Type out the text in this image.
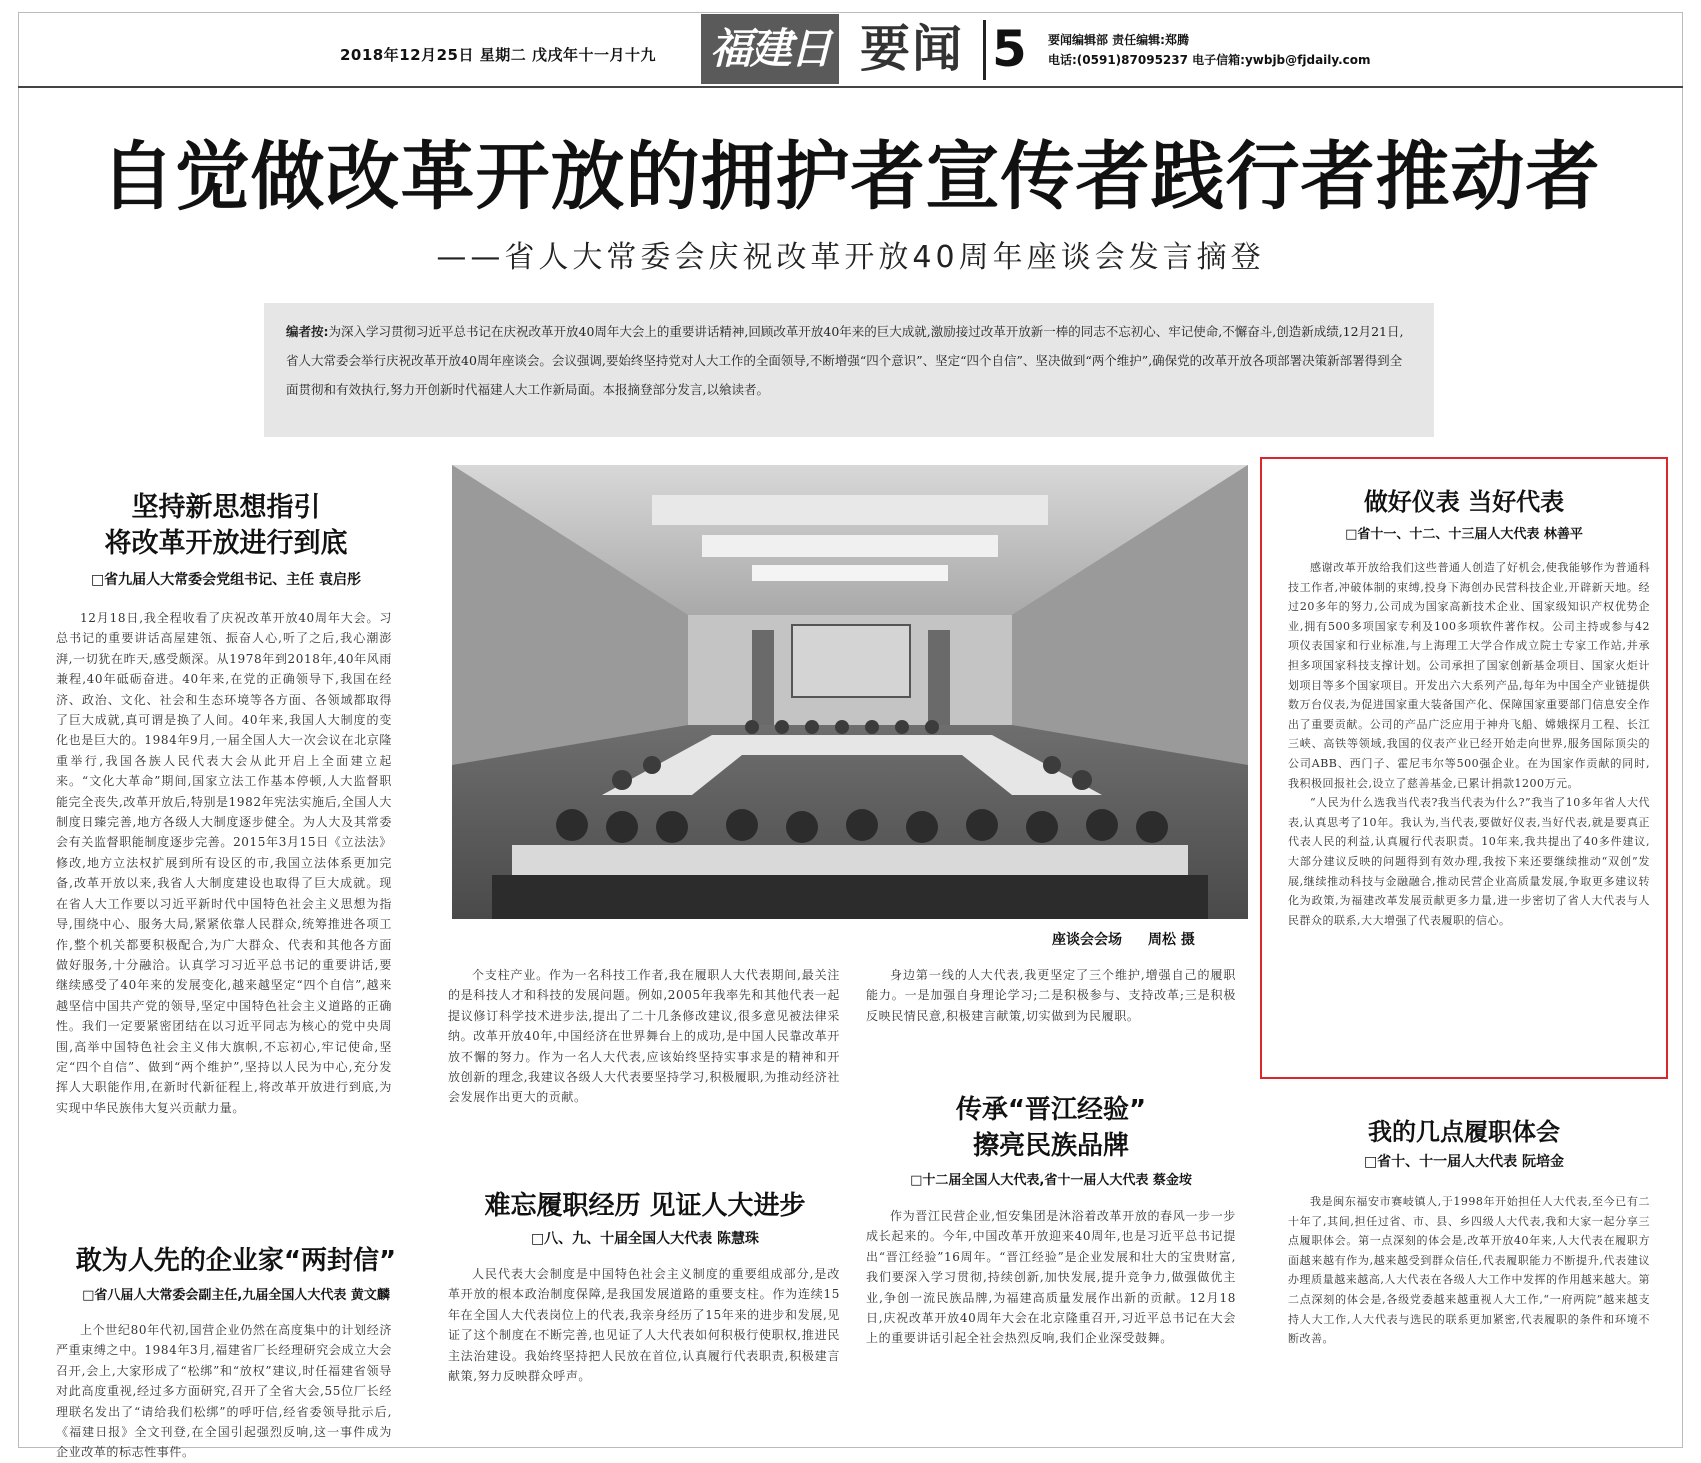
2018年12月25日 星期二 戊戌年十一月十九 福建日报
要闻 5 要闻编辑部 责任编辑:郑腾
电话:(0591)87095237 电子信箱:ywbjb@fjdaily.com
自觉做改革开放的拥护者宣传者践行者推动者
——省人大常委会庆祝改革开放40周年座谈会发言摘登
编者按:为深入学习贯彻习近平总书记在庆祝改革开放40周年大会上的重要讲话精神,回顾改革开放40年来的巨大成就,激励接过改革开放新一棒的同志不忘初心、牢记使命,不懈奋斗,创造新成绩,12月21日,省人大常委会举行庆祝改革开放40周年座谈会。会议强调,要始终坚持党对人大工作的全面领导,不断增强“四个意识”、坚定“四个自信”、坚决做到“两个维护”,确保党的改革开放各项部署决策新部署得到全面贯彻和有效执行,努力开创新时代福建人大工作新局面。本报摘登部分发言,以飨读者。
座谈会会场 周松 摄
坚持新思想指引
将改革开放进行到底
□省九届人大常委会党组书记、主任 袁启彤

12月18日,我全程收看了庆祝改革开放40周年大会。习总书记的重要讲话高屋建瓴、振奋人心,听了之后,我心潮澎湃,一切犹在昨天,感受颇深。从1978年到2018年,40年风雨兼程,40年砥砺奋进。40年来,在党的正确领导下,我国在经济、政治、文化、社会和生态环境等各方面、各领域都取得了巨大成就,真可谓是换了人间。40年来,我国人大制度的变化也是巨大的。1984年9月,一届全国人大一次会议在北京隆重举行,我国各族人民代表大会从此开启上全面建立起来。“文化大革命”期间,国家立法工作基本停顿,人大监督职能完全丧失,改革开放后,特别是1982年宪法实施后,全国人大制度日臻完善,地方各级人大制度逐步健全。为人大及其常委会有关监督职能制度逐步完善。2015年3月15日《立法法》修改,地方立法权扩展到所有设区的市,我国立法体系更加完备,改革开放以来,我省人大制度建设也取得了巨大成就。现在省人大工作要以习近平新时代中国特色社会主义思想为指导,围绕中心、服务大局,紧紧依靠人民群众,统筹推进各项工作,整个机关都要积极配合,为广大群众、代表和其他各方面做好服务,十分融洽。认真学习习近平总书记的重要讲话,要继续感受了40年来的发展变化,越来越坚定“四个自信”,越来越坚信中国共产党的领导,坚定中国特色社会主义道路的正确性。我们一定要紧密团结在以习近平同志为核心的党中央周围,高举中国特色社会主义伟大旗帜,不忘初心,牢记使命,坚定“四个自信”、做到“两个维护”,坚持以人民为中心,充分发挥人大职能作用,在新时代新征程上,将改革开放进行到底,为实现中华民族伟大复兴贡献力量。

敢为人先的企业家“两封信”
□省八届人大常委会副主任,九届全国人大代表 黄文麟

上个世纪80年代初,国营企业仍然在高度集中的计划经济严重束缚之中。1984年3月,福建省厂长经理研究会成立大会召开,会上,大家形成了“松绑”和“放权”建议,时任福建省领导对此高度重视,经过多方面研究,召开了全省大会,55位厂长经理联名发出了“请给我们松绑”的呼吁信,经省委领导批示后,《福建日报》全文刊登,在全国引起强烈反响,这一事件成为企业改革的标志性事件。

个支柱产业。作为一名科技工作者,我在履职人大代表期间,最关注的是科技人才和科技的发展问题。例如,2005年我率先和其他代表一起提议修订科学技术进步法,提出了二十几条修改建议,很多意见被法律采纳。改革开放40年,中国经济在世界舞台上的成功,是中国人民靠改革开放不懈的努力。作为一名人大代表,应该始终坚持实事求是的精神和开放创新的理念,我建议各级人大代表要坚持学习,积极履职,为推动经济社会发展作出更大的贡献。

难忘履职经历 见证人大进步
□八、九、十届全国人大代表 陈慧珠

人民代表大会制度是中国特色社会主义制度的重要组成部分,是改革开放的根本政治制度保障,是我国发展道路的重要支柱。作为连续15年在全国人大代表岗位上的代表,我亲身经历了15年来的进步和发展,见证了这个制度在不断完善,也见证了人大代表如何积极行使职权,推进民主法治建设。我始终坚持把人民放在首位,认真履行代表职责,积极建言献策,努力反映群众呼声。

身边第一线的人大代表,我更坚定了三个维护,增强自己的履职能力。一是加强自身理论学习;二是积极参与、支持改革;三是积极反映民情民意,积极建言献策,切实做到为民履职。

传承“晋江经验”
擦亮民族品牌
□十二届全国人大代表,省十一届人大代表 蔡金垵

作为晋江民营企业,恒安集团是沐浴着改革开放的春风一步一步成长起来的。今年,中国改革开放迎来40周年,也是习近平总书记提出“晋江经验”16周年。“晋江经验”是企业发展和壮大的宝贵财富,我们要深入学习贯彻,持续创新,加快发展,提升竞争力,做强做优主业,争创一流民族品牌,为福建高质量发展作出新的贡献。12月18日,庆祝改革开放40周年大会在北京隆重召开,习近平总书记在大会上的重要讲话引起全社会热烈反响,我们企业深受鼓舞。

做好仪表 当好代表
□省十一、十二、十三届人大代表 林善平

感谢改革开放给我们这些普通人创造了好机会,使我能够作为普通科技工作者,冲破体制的束缚,投身下海创办民营科技企业,开辟新天地。经过20多年的努力,公司成为国家高新技术企业、国家级知识产权优势企业,拥有500多项国家专利及100多项软件著作权。公司主持或参与42项仪表国家和行业标准,与上海理工大学合作成立院士专家工作站,并承担多项国家科技支撑计划。公司承担了国家创新基金项目、国家火炬计划项目等多个国家项目。开发出六大系列产品,每年为中国全产业链提供数万台仪表,为促进国家重大装备国产化、保障国家重要部门信息安全作出了重要贡献。公司的产品广泛应用于神舟飞船、嫦娥探月工程、长江三峡、高铁等领域,我国的仪表产业已经开始走向世界,服务国际顶尖的公司ABB、西门子、霍尼韦尔等500强企业。在为国家作贡献的同时,我积极回报社会,设立了慈善基金,已累计捐款1200万元。

“人民为什么选我当代表?我当代表为什么?”我当了10多年省人大代表,认真思考了10年。我认为,当代表,要做好仪表,当好代表,就是要真正代表人民的利益,认真履行代表职责。10年来,我共提出了40多件建议,大部分建议反映的问题得到有效办理,我按下来还要继续推动“双创”发展,继续推动科技与金融融合,推动民营企业高质量发展,争取更多建议转化为政策,为福建改革发展贡献更多力量,进一步密切了省人大代表与人民群众的联系,大大增强了代表履职的信心。

我的几点履职体会
□省十、十一届人大代表 阮培金

我是闽东福安市赛岐镇人,于1998年开始担任人大代表,至今已有二十年了,其间,担任过省、市、县、乡四级人大代表,我和大家一起分享三点履职体会。第一点深刻的体会是,改革开放40年来,人大代表在履职方面越来越有作为,越来越受到群众信任,代表履职能力不断提升,代表建议办理质量越来越高,人大代表在各级人大工作中发挥的作用越来越大。第二点深刻的体会是,各级党委越来越重视人大工作,“一府两院”越来越支持人大工作,人大代表与选民的联系更加紧密,代表履职的条件和环境不断改善。
